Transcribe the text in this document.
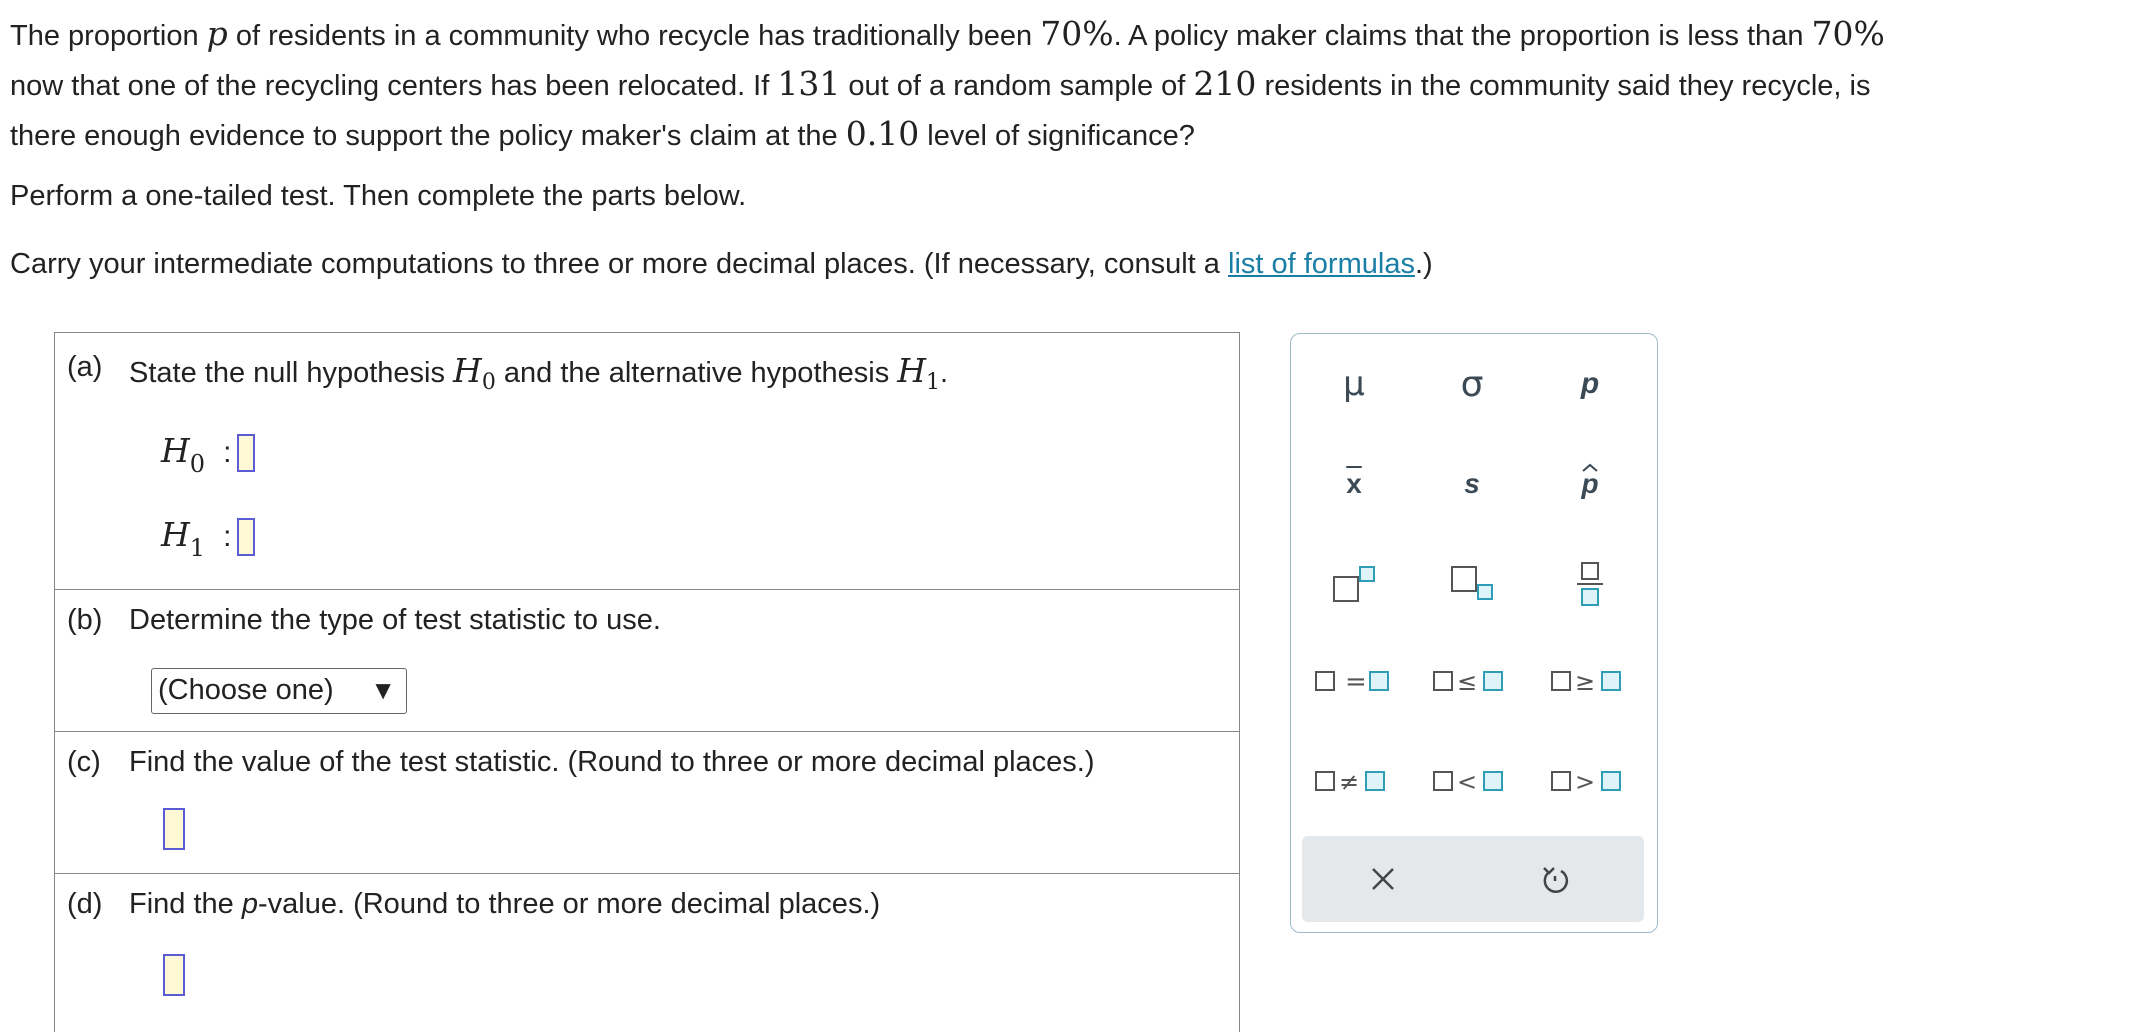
The proportion p of residents in a community who recycle has traditionally been 70%. A policy maker claims that the proportion is less than 70%

now that one of the recycling centers has been relocated. If 131 out of a random sample of 210 residents in the community said they recycle, is

there enough evidence to support the policy maker's claim at the 0.10 level of significance?

Perform a one-tailed test. Then complete the parts below.
Carry your intermediate computations to three or more decimal places. (If necessary, consult a list of formulas.)
(a) State the null hypothesis $H_0$ and the alternative hypothesis $H_1$.
$H_0$ :
$H_1$ :
(b) Determine the type of test statistic to use.
(Choose one) ▼
(c) Find the value of the test statistic. (Round to three or more decimal places.)
(d) Find the p-value. (Round to three or more decimal places.)
μ	σ	p
$\overline{x}$	s	p
=	≤	≥
≠	<	>
